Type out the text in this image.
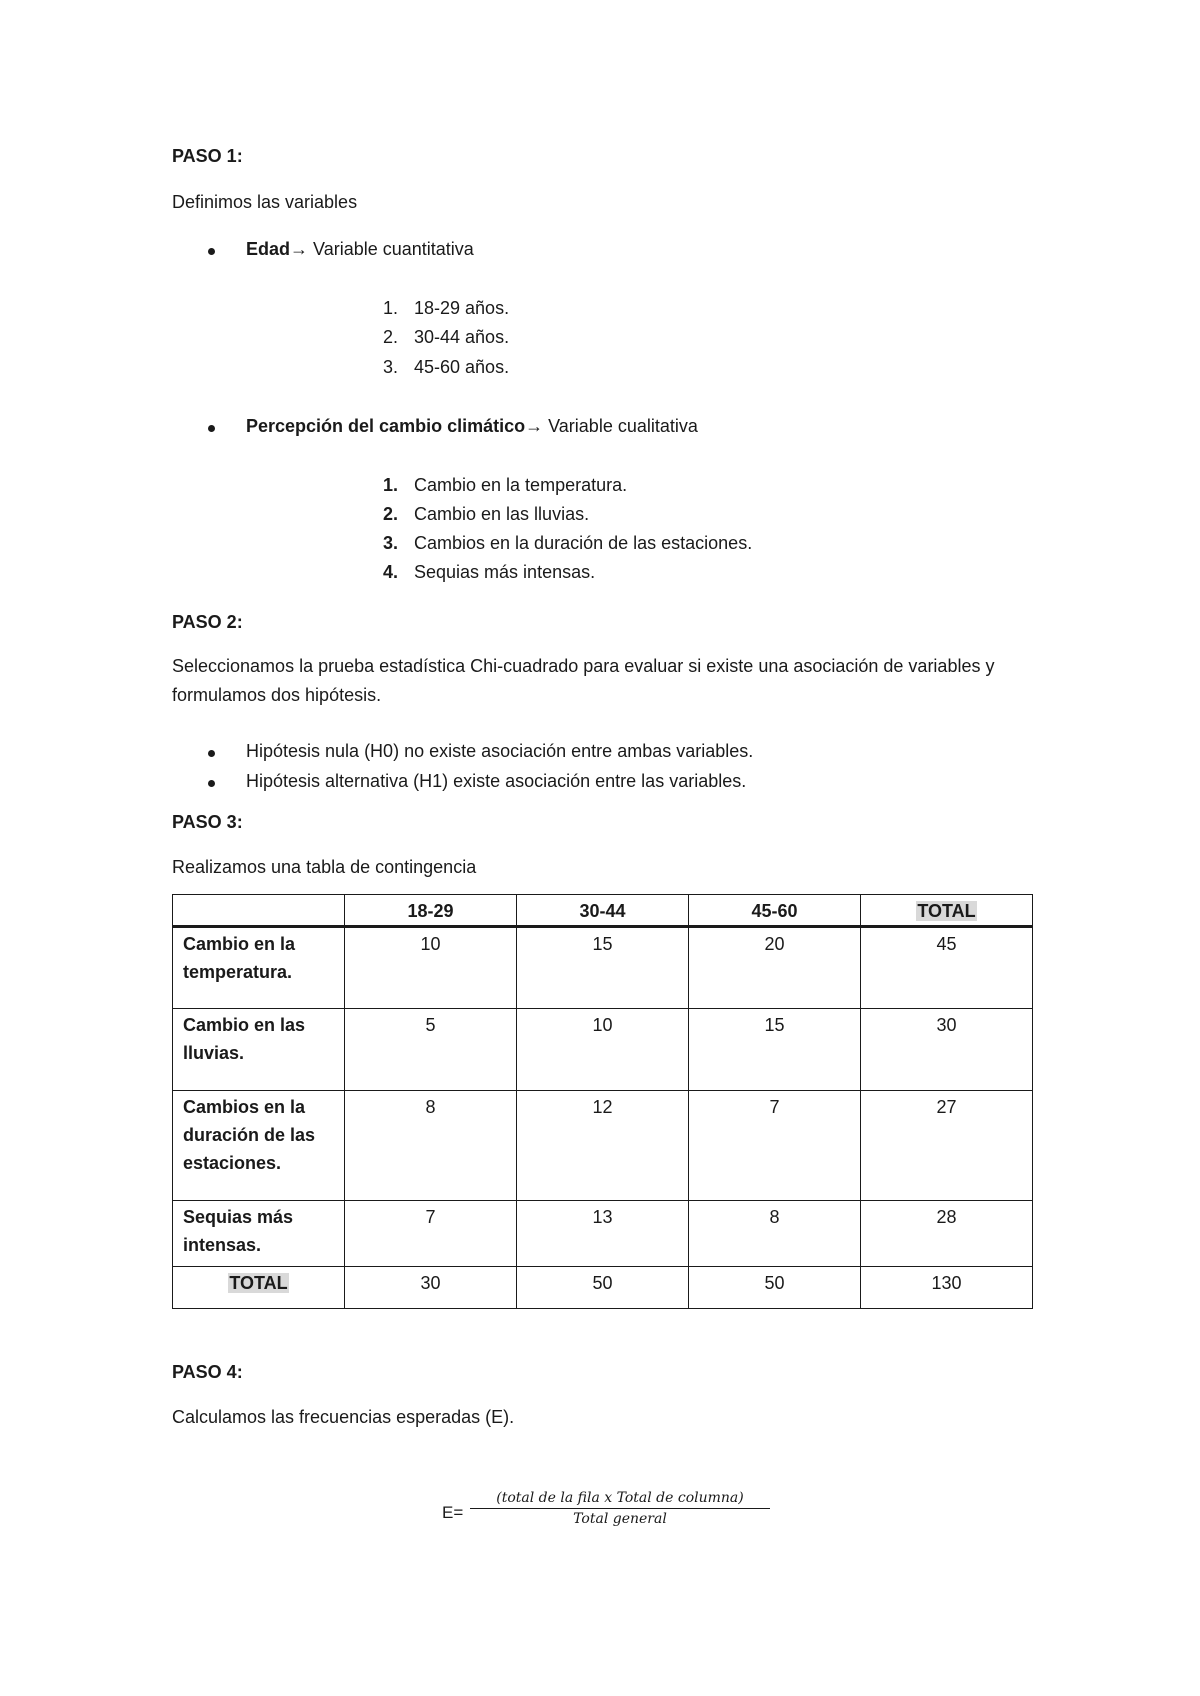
PASO 1:
Definimos las variables
Edad→ Variable cuantitativa
1. 18-29 años.
2. 30-44 años.
3. 45-60 años.
Percepción del cambio climático→ Variable cualitativa
1. Cambio en la temperatura.
2. Cambio en las lluvias.
3. Cambios en la duración de las estaciones.
4. Sequias más intensas.
PASO 2:
Seleccionamos la prueba estadística Chi-cuadrado para evaluar si existe una asociación de variables y formulamos dos hipótesis.
Hipótesis nula (H0) no existe asociación entre ambas variables.
Hipótesis alternativa (H1) existe asociación entre las variables.
PASO 3:
Realizamos una tabla de contingencia
	18-29	30-44	45-60	TOTAL
Cambio en la temperatura.	10	15	20	45
Cambio en las lluvias.	5	10	15	30
Cambios en la duración de las estaciones.	8	12	7	27
Sequias más intensas.	7	13	8	28
TOTAL	30	50	50	130
PASO 4:
Calculamos las frecuencias esperadas (E).
E=
(total de la fila x Total de columna)
Total general
